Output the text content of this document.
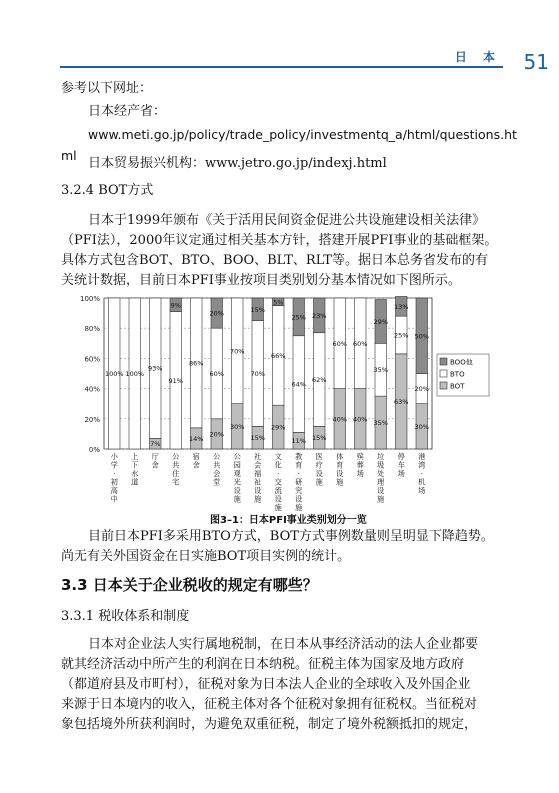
日 本 51
参考以下网址：
日本经产省：
www.meti.go.jp/policy/trade_policy/investmentq_a/html/questions.ht
ml
日本贸易振兴机构：www.jetro.go.jp/indexj.html
3.2.4 BOT方式
日本于1999年颁布《关于活用民间资金促进公共设施建设相关法律》
（PFI法），2000年议定通过相关基本方针，搭建开展PFI事业的基础框架。
具体方式包含BOT、BTO、BOO、BLT、RLT等。据日本总务省发布的有
关统计数据，目前日本PFI事业按项目类别划分基本情况如下图所示。
0%
20%
40%
60%
80%
100%
100% 100%
7%
93%
91%
9%
14%
86%
20%
60%
20%
30%
70%
15%
70%
15%
29%
66%
5%
11%
64%
25%
15%
62%
23%
40%
60%
40%
60%
35%
35%
29%
63%
25%
13%
30%
20%
50%
小
学
·
初
高
中
上
下
水
道
厅
舍
公
共
住
宅
宿
舍
公
共
会
堂
公
园
观
光
设
施
社
会
福
祉
设
施
文
化
·
交
流
设
施
教
育
·
研
究
设
施
医
疗
设
施
体
育
设
施
殡
葬
场
垃
圾
处
理
设
施
停
车
场
港
湾
·
机
场
BOO他
BTO
BOT
图3–1：日本PFI事业类别划分一览
目前日本PFI多采用BTO方式，BOT方式事例数量则呈明显下降趋势。
尚无有关外国资金在日实施BOT项目实例的统计。
3.3 日本关于企业税收的规定有哪些？
3.3.1 税收体系和制度
日本对企业法人实行属地税制，在日本从事经济活动的法人企业都要
就其经济活动中所产生的利润在日本纳税。征税主体为国家及地方政府
（都道府县及市町村），征税对象为日本法人企业的全球收入及外国企业
来源于日本境内的收入，征税主体对各个征税对象拥有征税权。当征税对
象包括境外所获利润时，为避免双重征税，制定了境外税额抵扣的规定，
